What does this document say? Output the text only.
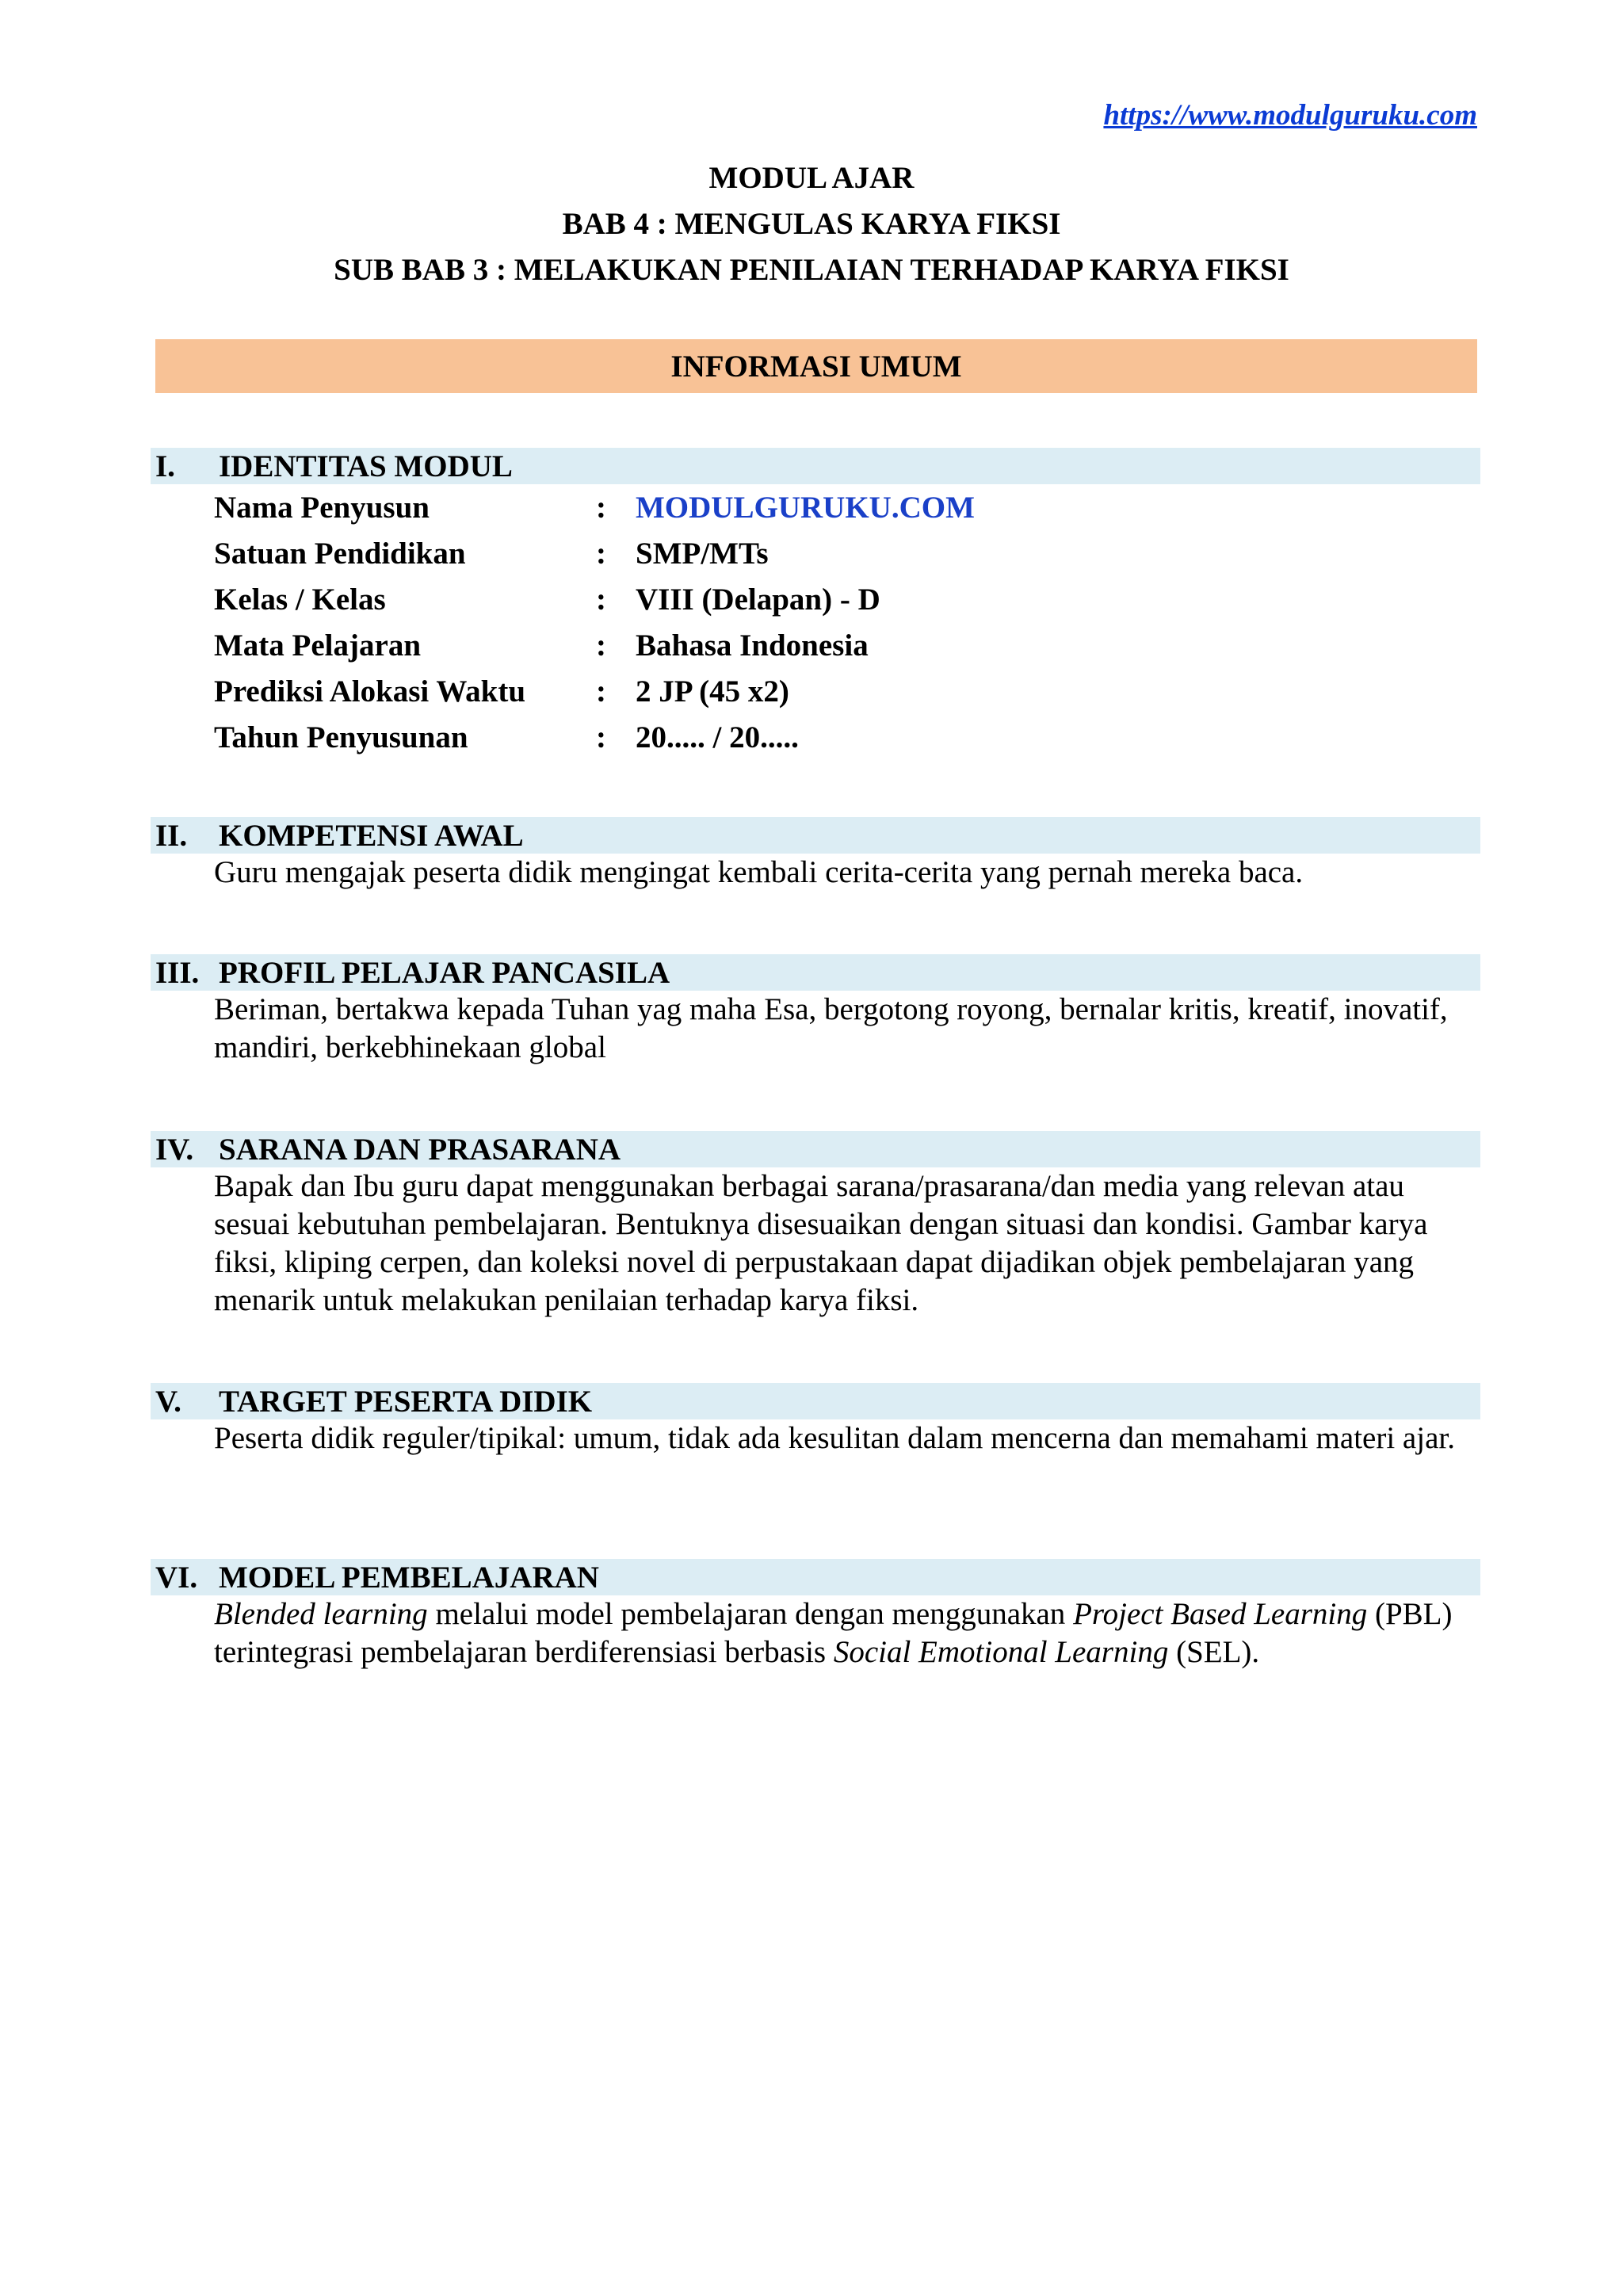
https://www.modulguruku.com
MODUL AJAR
BAB 4 : MENGULAS KARYA FIKSI
SUB BAB 3 : MELAKUKAN PENILAIAN TERHADAP KARYA FIKSI
INFORMASI UMUM
I.	IDENTITAS MODUL
Nama Penyusun	: MODULGURUKU.COM
Satuan Pendidikan	: SMP/MTs
Kelas / Kelas	: VIII (Delapan) - D
Mata Pelajaran	: Bahasa Indonesia
Prediksi Alokasi Waktu	: 2 JP (45 x2)
Tahun Penyusunan	: 20..... / 20.....
II.	KOMPETENSI AWAL
Guru mengajak peserta didik mengingat kembali cerita-cerita yang pernah mereka baca.
III. PROFIL PELAJAR PANCASILA
Beriman, bertakwa kepada Tuhan yag maha Esa, bergotong royong, bernalar kritis, kreatif, inovatif, mandiri, berkebhinekaan global
IV. SARANA DAN PRASARANA
Bapak dan Ibu guru dapat menggunakan berbagai sarana/prasarana/dan media yang relevan atau sesuai kebutuhan pembelajaran. Bentuknya disesuaikan dengan situasi dan kondisi. Gambar karya fiksi, kliping cerpen, dan koleksi novel di perpustakaan dapat dijadikan objek pembelajaran yang menarik untuk melakukan penilaian terhadap karya fiksi.
V.	TARGET PESERTA DIDIK
Peserta didik reguler/tipikal: umum, tidak ada kesulitan dalam mencerna dan memahami materi ajar.
VI. MODEL PEMBELAJARAN
Blended learning melalui model pembelajaran dengan menggunakan Project Based Learning (PBL) terintegrasi pembelajaran berdiferensiasi berbasis Social Emotional Learning (SEL).
